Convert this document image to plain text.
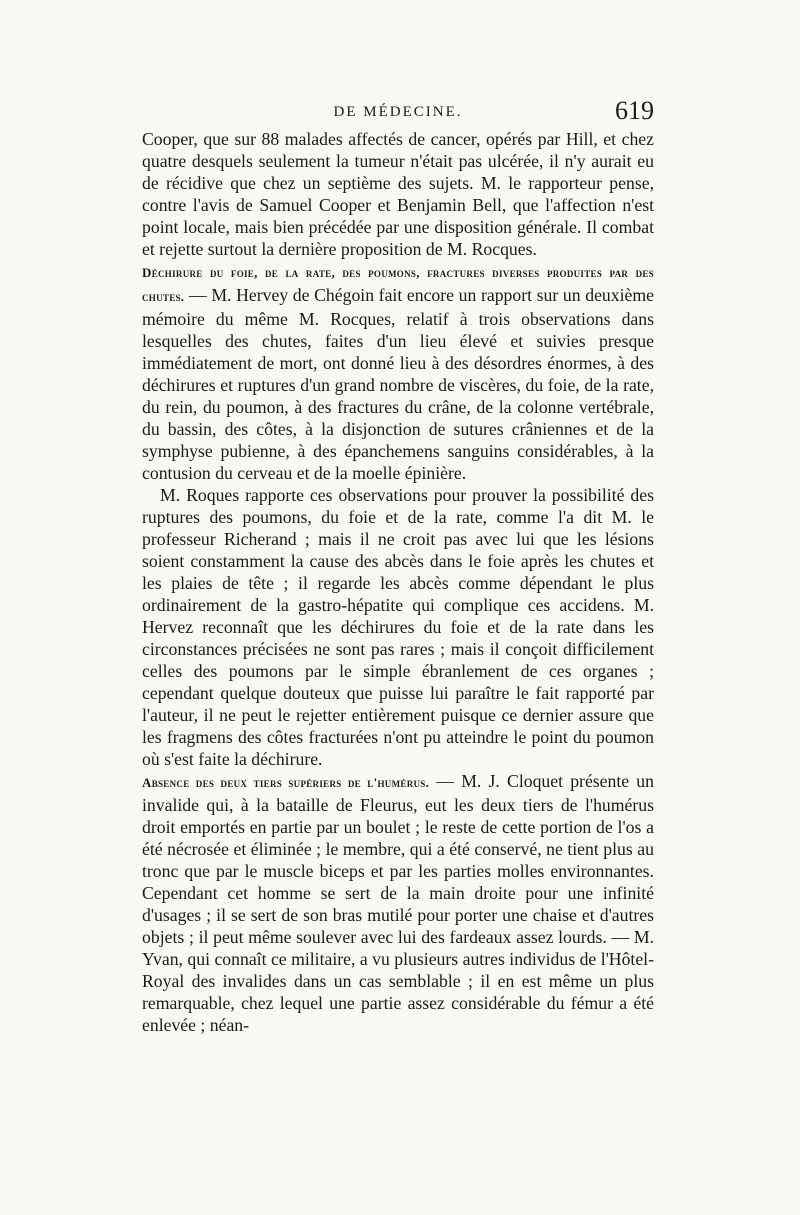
DE MÉDECINE.	619

Cooper, que sur 88 malades affectés de cancer, opérés par Hill, et chez quatre desquels seulement la tumeur n'était pas ulcérée, il n'y aurait eu de récidive que chez un septième des sujets. M. le rapporteur pense, contre l'avis de Samuel Cooper et Benjamin Bell, que l'affection n'est point locale, mais bien précédée par une disposition générale. Il combat et rejette surtout la dernière proposition de M. Rocques.

Déchirure du foie, de la rate, des poumons, fractures diverses produites par des chutes. — M. Hervey de Chégoin fait encore un rapport sur un deuxième mémoire du même M. Rocques, relatif à trois observations dans lesquelles des chutes, faites d'un lieu élevé et suivies presque immédiatement de mort, ont donné lieu à des désordres énormes, à des déchirures et ruptures d'un grand nombre de viscères, du foie, de la rate, du rein, du poumon, à des fractures du crâne, de la colonne vertébrale, du bassin, des côtes, à la disjonction de sutures crâniennes et de la symphyse pubienne, à des épanchemens sanguins considérables, à la contusion du cerveau et de la moelle épinière.

M. Roques rapporte ces observations pour prouver la possibilité des ruptures des poumons, du foie et de la rate, comme l'a dit M. le professeur Richerand ; mais il ne croit pas avec lui que les lésions soient constamment la cause des abcès dans le foie après les chutes et les plaies de tête ; il regarde les abcès comme dépendant le plus ordinairement de la gastro-hépatite qui complique ces accidens. M. Hervez reconnaît que les déchirures du foie et de la rate dans les circonstances précisées ne sont pas rares ; mais il conçoit difficilement celles des poumons par le simple ébranlement de ces organes ; cependant quelque douteux que puisse lui paraître le fait rapporté par l'auteur, il ne peut le rejetter entièrement puisque ce dernier assure que les fragmens des côtes fracturées n'ont pu atteindre le point du poumon où s'est faite la déchirure.

Absence des deux tiers supériers de l'humérus. — M. J. Cloquet présente un invalide qui, à la bataille de Fleurus, eut les deux tiers de l'humérus droit emportés en partie par un boulet ; le reste de cette portion de l'os a été nécrosée et éliminée ; le membre, qui a été conservé, ne tient plus au tronc que par le muscle biceps et par les parties molles environnantes. Cependant cet homme se sert de la main droite pour une infinité d'usages ; il se sert de son bras mutilé pour porter une chaise et d'autres objets ; il peut même soulever avec lui des fardeaux assez lourds. — M. Yvan, qui connaît ce militaire, a vu plusieurs autres individus de l'Hôtel-Royal des invalides dans un cas semblable ; il en est même un plus remarquable, chez lequel une partie assez considérable du fémur a été enlevée ; néan-
